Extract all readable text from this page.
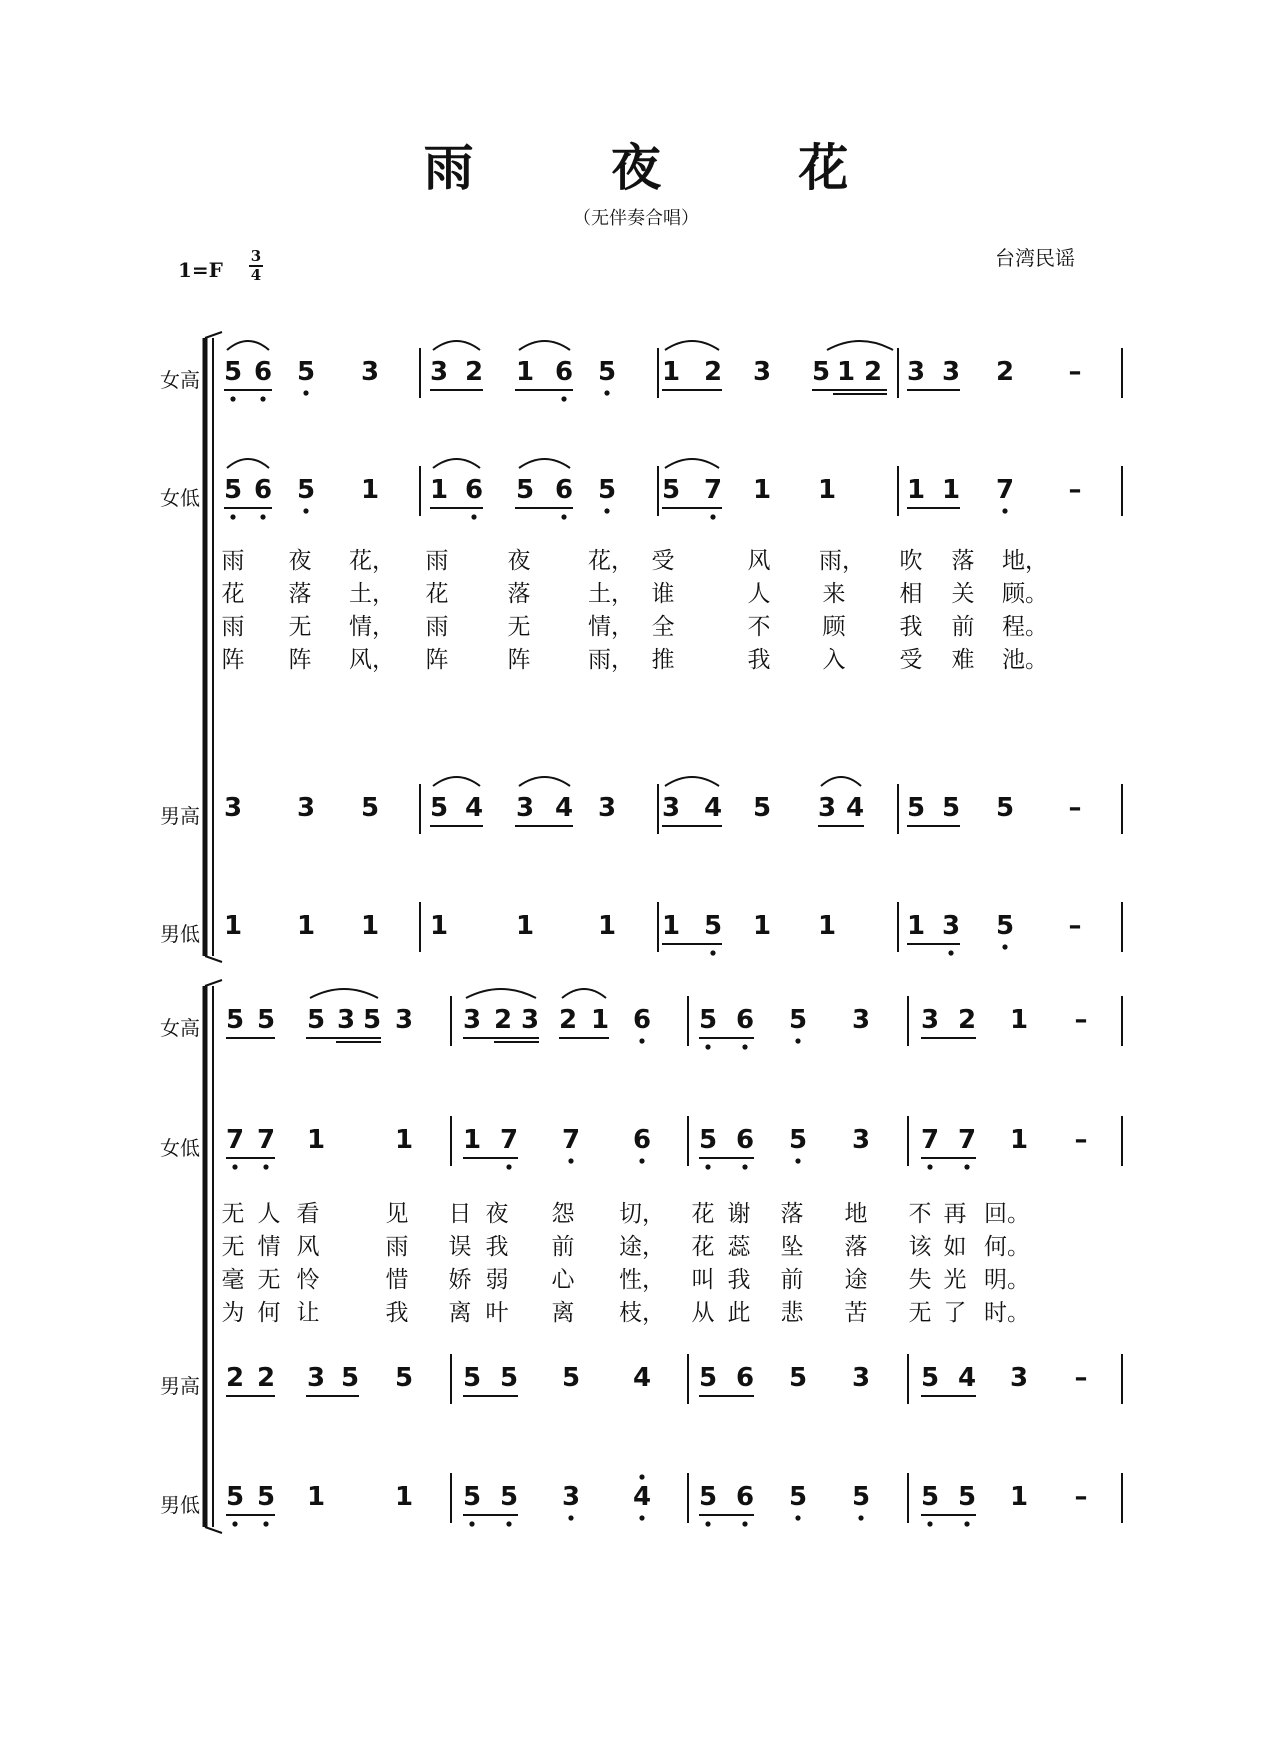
雨 夜 花
（无伴奏合唱）
台湾民谣
1=F
3
4
女高 5 6 5 3 3 2 1 6 5 1 2 3 5 1 2 3 3 2 –
女低 5 6 5 1 1 6 5 6 5 5 7 1 1	1 1 7 –
男高 3 3 5 5 4 3 4 3 3 4 5 3 4 5 5 5 –
男低 1 1 1 1	1 1 1 5 1 1	1 3 5 –
雨 夜 花， 雨	夜	花， 受	风 雨， 吹 落 地，
花 落 土， 花	落	土， 谁	人 来 相 关 顾。
雨 无 情， 雨	无	情， 全	不 顾 我 前 程。
阵 阵 风， 阵	阵	雨， 推	我 入 受 难 池。
女高 5 5 5 3 5 3 3 2 3 2 1 6 5 6 5 3 3 2 1 –
女低 7 7 1	1 1 7 7 6 5 6 5 3 7 7 1 –
男高 2 2 3 5 5 5 5 5 4 5 6 5 3 5 4 3 –
男低 5 5 1	1 5 5 3 4 5 6 5 5 5 5 1 –
无 人 看	见 日 夜 怨 切， 花 谢 落 地 不 再 回。
无 情 风	雨 误 我 前 途， 花 蕊 坠 落 该 如 何。
毫 无 怜	惜 娇 弱 心 性， 叫 我 前 途 失 光 明。
为 何 让	我 离 叶 离 枝， 从 此 悲 苦 无 了 时。
